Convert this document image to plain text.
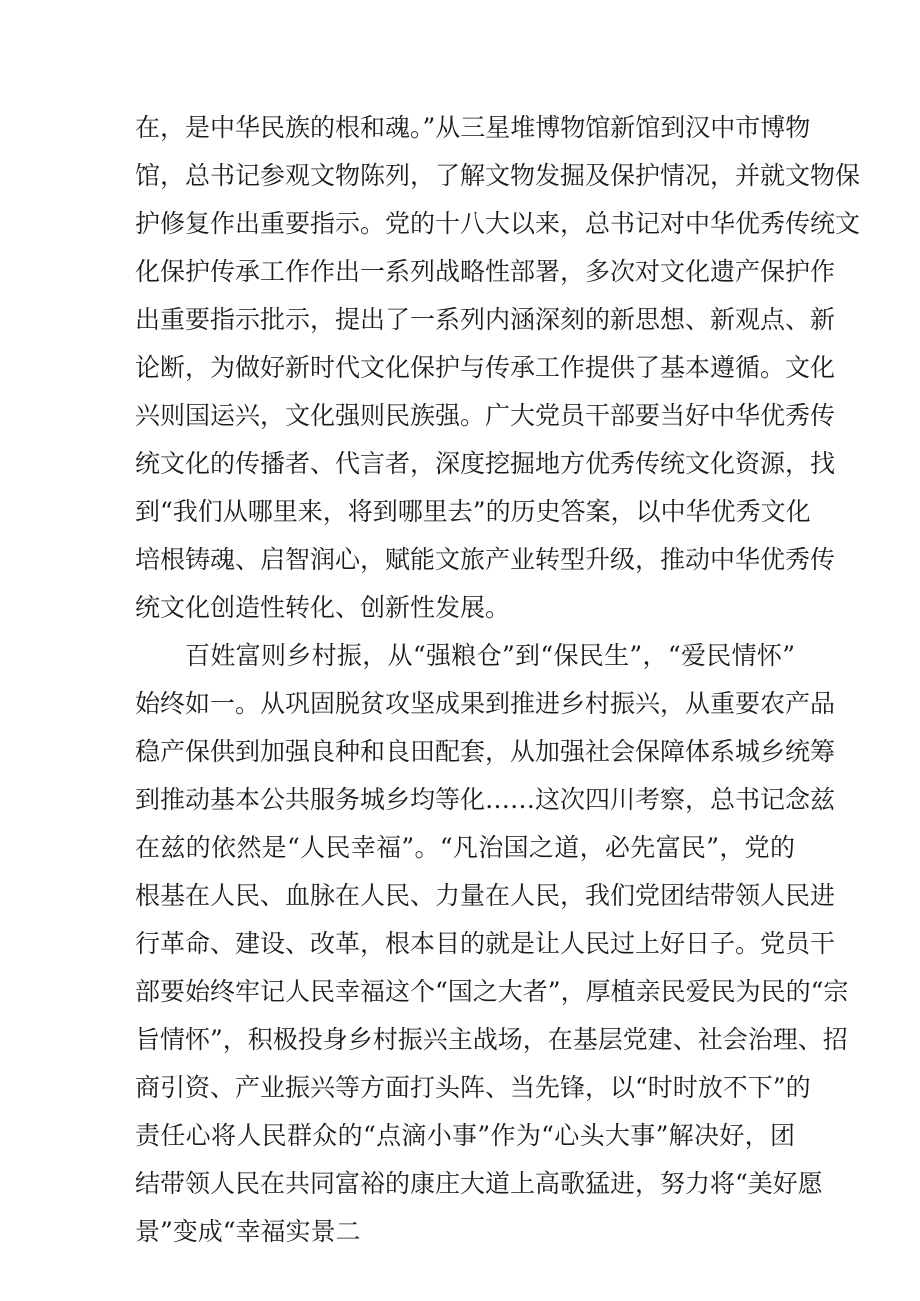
在，是中华民族的根和魂。”从三星堆博物馆新馆到汉中市博物
馆，总书记参观文物陈列，了解文物发掘及保护情况，并就文物保
护修复作出重要指示。党的十八大以来，总书记对中华优秀传统文
化保护传承工作作出一系列战略性部署，多次对文化遗产保护作
出重要指示批示，提出了一系列内涵深刻的新思想、新观点、新
论断，为做好新时代文化保护与传承工作提供了基本遵循。文化
兴则国运兴，文化强则民族强。广大党员干部要当好中华优秀传
统文化的传播者、代言者，深度挖掘地方优秀传统文化资源，找
到“我们从哪里来，将到哪里去”的历史答案，以中华优秀文化
培根铸魂、启智润心，赋能文旅产业转型升级，推动中华优秀传
统文化创造性转化、创新性发展。
百姓富则乡村振，从“强粮仓”到“保民生”，“爱民情怀”
始终如一。从巩固脱贫攻坚成果到推进乡村振兴，从重要农产品
稳产保供到加强良种和良田配套，从加强社会保障体系城乡统筹
到推动基本公共服务城乡均等化……这次四川考察，总书记念兹
在兹的依然是“人民幸福”。“凡治国之道，必先富民”，党的
根基在人民、血脉在人民、力量在人民，我们党团结带领人民进
行革命、建设、改革，根本目的就是让人民过上好日子。党员干
部要始终牢记人民幸福这个“国之大者”，厚植亲民爱民为民的“宗
旨情怀”，积极投身乡村振兴主战场，在基层党建、社会治理、招
商引资、产业振兴等方面打头阵、当先锋，以“时时放不下”的
责任心将人民群众的“点滴小事”作为“心头大事”解决好，团
结带领人民在共同富裕的康庄大道上高歌猛进，努力将“美好愿
景”变成“幸福实景二
